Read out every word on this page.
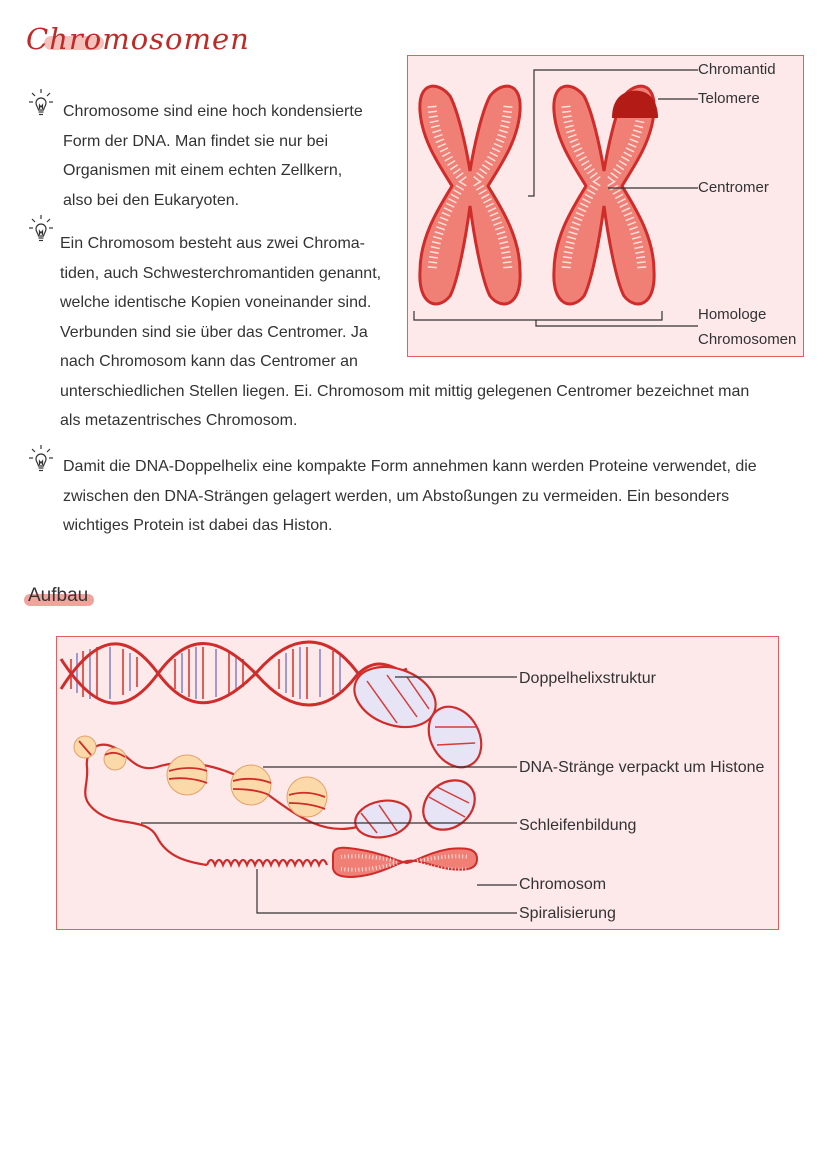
Chromosomen
Chromosome sind eine hoch kondensierte
Form der DNA. Man findet sie nur bei
Organismen mit einem echten Zellkern,
also bei den Eukaryoten.
Ein Chromosom besteht aus zwei Chroma-
tiden, auch Schwesterchromantiden genannt,
welche identische Kopien voneinander sind.
Verbunden sind sie über das Centromer. Ja
nach Chromosom kann das Centromer an
unterschiedlichen Stellen liegen. Ei. Chromosom mit mittig gelegenen Centromer bezeichnet man
als metazentrisches Chromosom.
Damit die DNA-Doppelhelix eine kompakte Form annehmen kann werden Proteine verwendet, die
zwischen den DNA-Strängen gelagert werden, um Abstoßungen zu vermeiden. Ein besonders
wichtiges Protein ist dabei das Histon.
Chromantid
Telomere
Centromer
Homologe
Chromosomen
Aufbau
Doppelhelixstruktur
DNA-Stränge verpackt um Histone
Schleifenbildung
Chromosom
Spiralisierung
